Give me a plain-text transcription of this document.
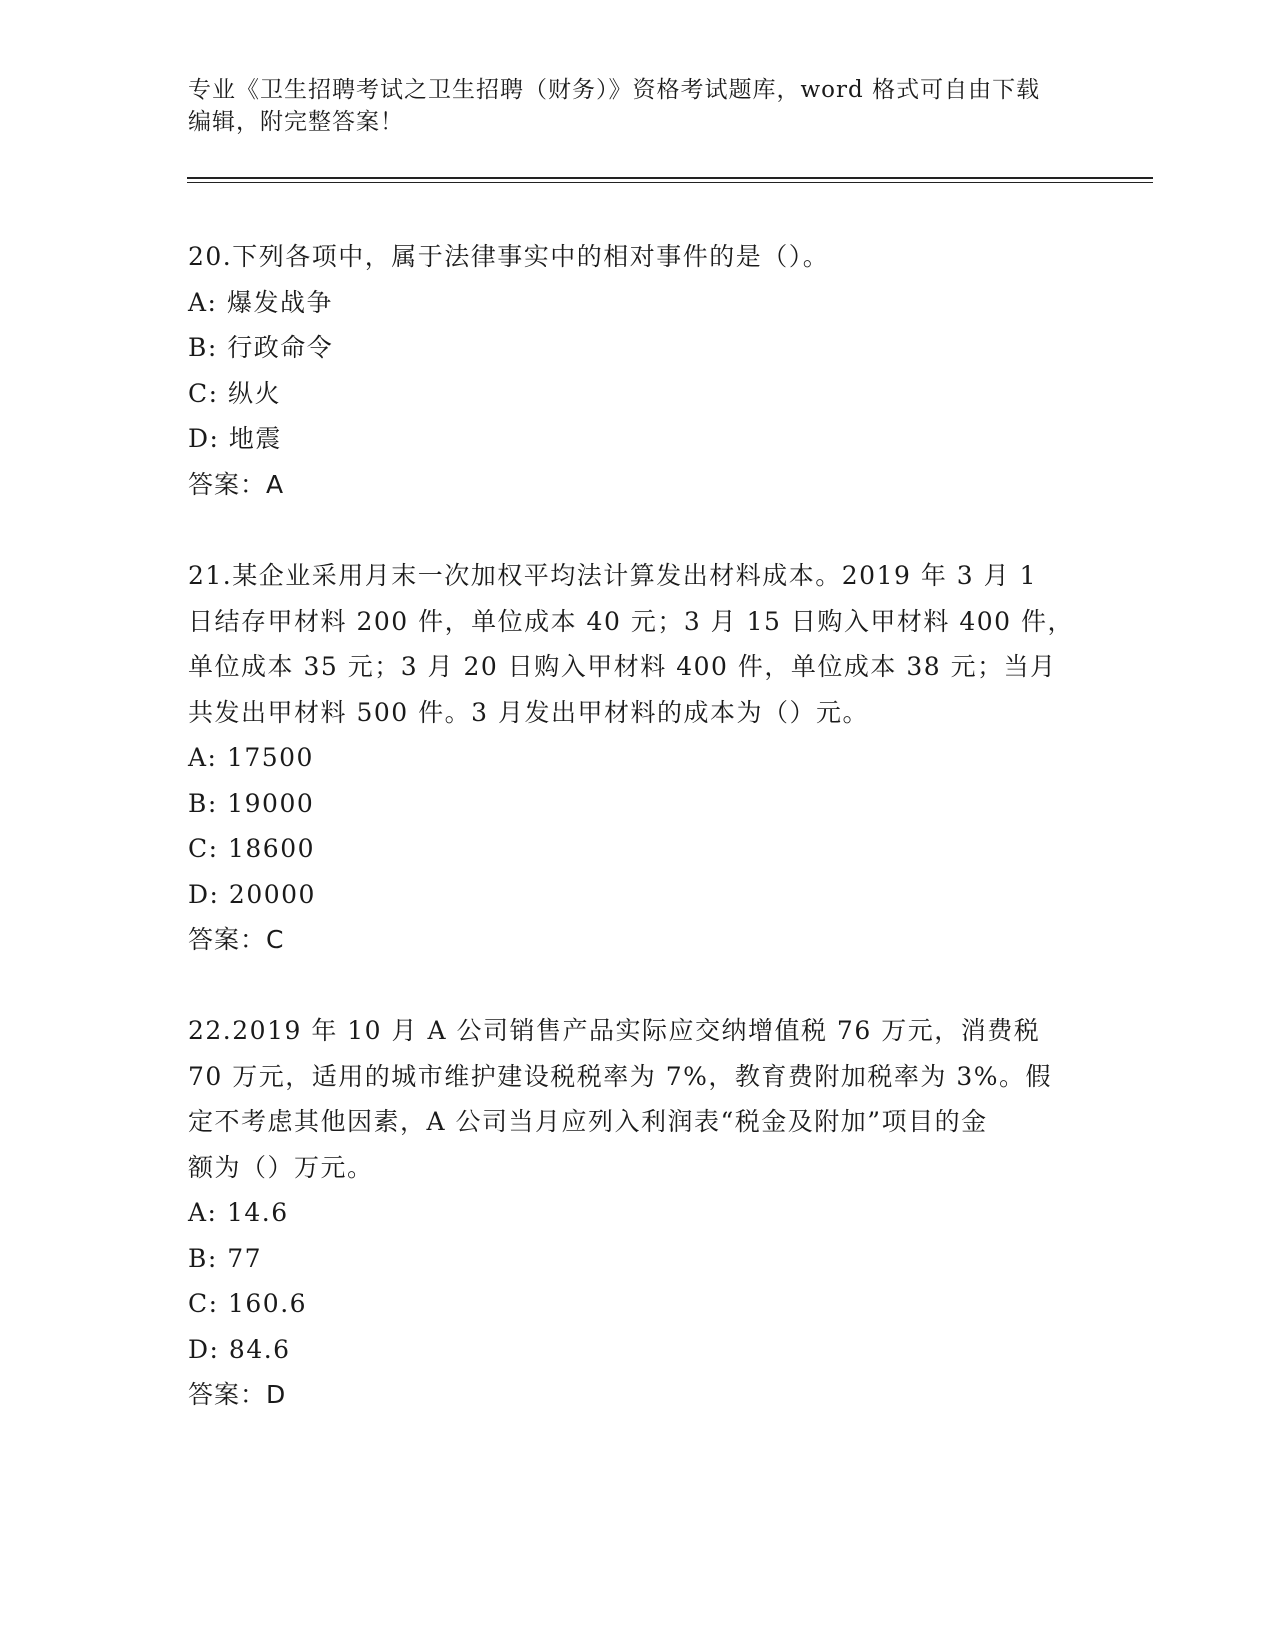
专业《卫生招聘考试之卫生招聘（财务）》资格考试题库，word 格式可自由下载
编辑，附完整答案！
20.下列各项中，属于法律事实中的相对事件的是（）。
A: 爆发战争
B: 行政命令
C: 纵火
D: 地震
答案：A
21.某企业采用月末一次加权平均法计算发出材料成本。2019 年 3 月 1
日结存甲材料 200 件，单位成本 40 元；3 月 15 日购入甲材料 400 件，
单位成本 35 元；3 月 20 日购入甲材料 400 件，单位成本 38 元；当月
共发出甲材料 500 件。3 月发出甲材料的成本为（）元。
A: 17500
B: 19000
C: 18600
D: 20000
答案：C
22.2019 年 10 月 A 公司销售产品实际应交纳增值税 76 万元，消费税
70 万元，适用的城市维护建设税税率为 7%，教育费附加税率为 3%。假
定不考虑其他因素，A 公司当月应列入利润表“税金及附加”项目的金
额为（）万元。
A: 14.6
B: 77
C: 160.6
D: 84.6
答案：D
